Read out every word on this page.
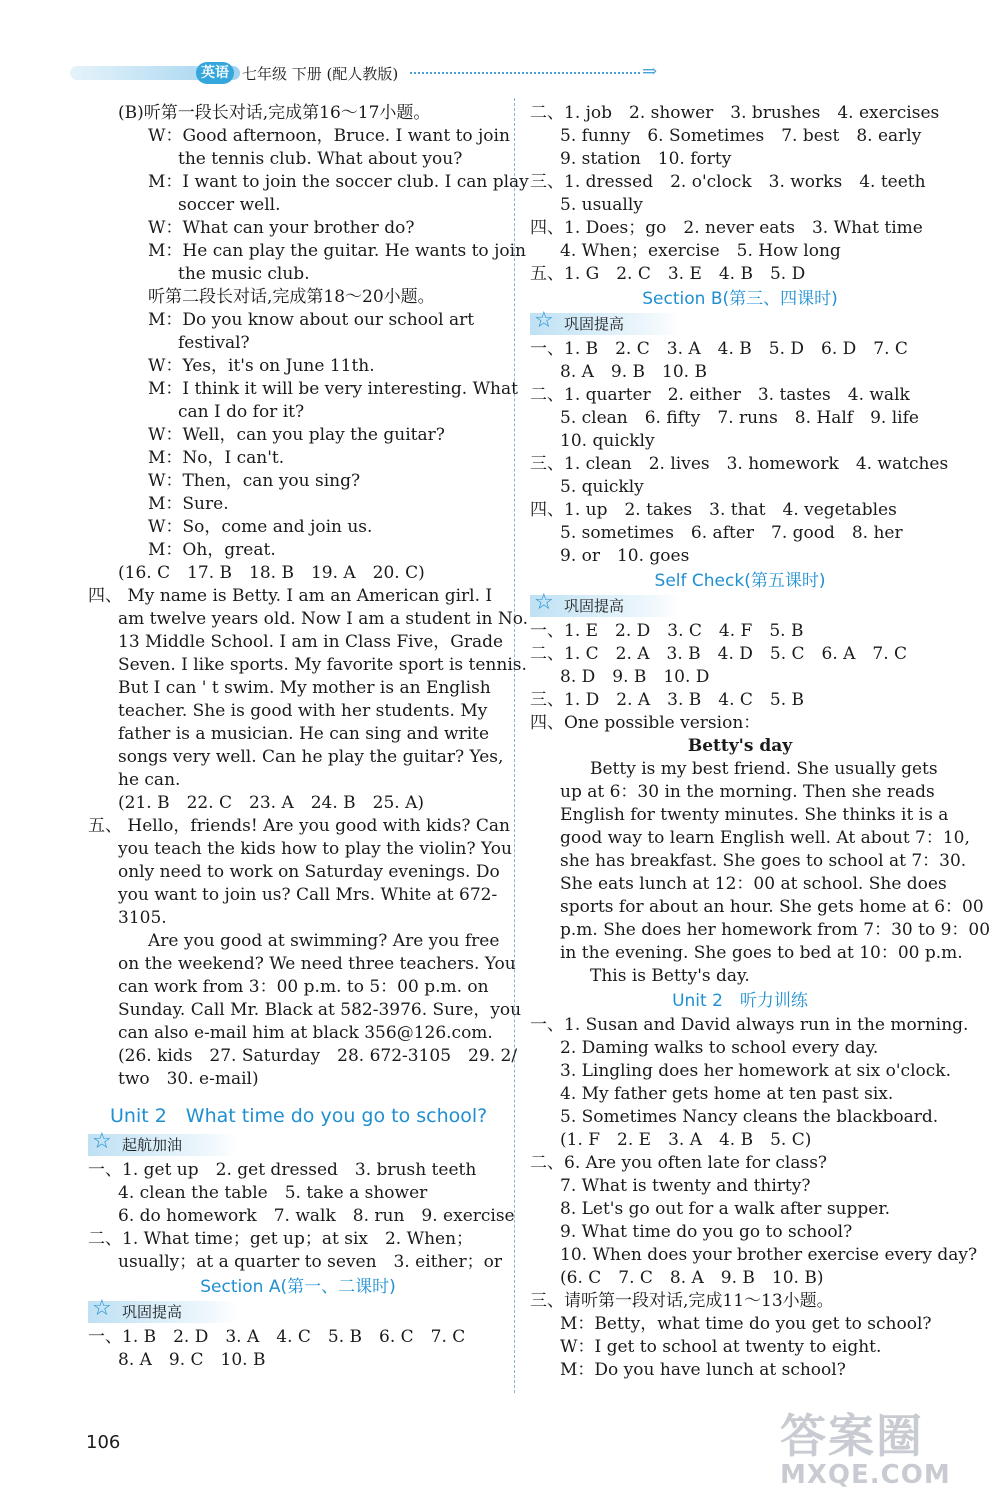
英语 七年级 下册 (配人教版)	⇒
(B)听第一段长对话,完成第16～17小题。
W：Good afternoon，Bruce. I want to join
the tennis club. What about you?
M：I want to join the soccer club. I can play
soccer well.
W：What can your brother do?
M：He can play the guitar. He wants to join
the music club.
听第二段长对话,完成第18～20小题。
M：Do you know about our school art
festival?
W：Yes，it's on June 11th.
M：I think it will be very interesting. What
can I do for it?
W：Well，can you play the guitar?
M：No，I can't.
W：Then，can you sing?
M：Sure.
W：So，come and join us.
M：Oh，great.
(16. C　17. B　18. B　19. A　20. C)
四、 My name is Betty. I am an American girl. I
am twelve years old. Now I am a student in No.
13 Middle School. I am in Class Five，Grade
Seven. I like sports. My favorite sport is tennis.
But I can ' t swim. My mother is an English
teacher. She is good with her students. My
father is a musician. He can sing and write
songs very well. Can he play the guitar? Yes,
he can.
(21. B　22. C　23. A　24. B　25. A)
五、 Hello，friends! Are you good with kids? Can
you teach the kids how to play the violin? You
only need to work on Saturday evenings. Do
you want to join us? Call Mrs. White at 672-
3105.
Are you good at swimming? Are you free
on the weekend? We need three teachers. You
can work from 3：00 p.m. to 5：00 p.m. on
Sunday. Call Mr. Black at 582-3976. Sure，you
can also e-mail him at black 356@126.com.
(26. kids　27. Saturday　28. 672-3105　29. 2/
two　30. e-mail)
Unit 2　What time do you go to school?
☆ 起航加油
一、1. get up　2. get dressed　3. brush teeth
4. clean the table　5. take a shower
6. do homework　7. walk　8. run　9. exercise
二、1. What time；get up；at six　2. When；
usually；at a quarter to seven　3. either；or
Section A(第一、二课时)
☆ 巩固提高
一、1. B　2. D　3. A　4. C　5. B　6. C　7. C
8. A　9. C　10. B
二、1. job　2. shower　3. brushes　4. exercises
5. funny　6. Sometimes　7. best　8. early
9. station　10. forty
三、1. dressed　2. o'clock　3. works　4. teeth
5. usually
四、1. Does；go　2. never eats　3. What time
4. When；exercise　5. How long
五、1. G　2. C　3. E　4. B　5. D
Section B(第三、四课时)
☆ 巩固提高
一、1. B　2. C　3. A　4. B　5. D　6. D　7. C
8. A　9. B　10. B
二、1. quarter　2. either　3. tastes　4. walk
5. clean　6. fifty　7. runs　8. Half　9. life
10. quickly
三、1. clean　2. lives　3. homework　4. watches
5. quickly
四、1. up　2. takes　3. that　4. vegetables
5. sometimes　6. after　7. good　8. her
9. or　10. goes
Self Check(第五课时)
☆ 巩固提高
一、1. E　2. D　3. C　4. F　5. B
二、1. C　2. A　3. B　4. D　5. C　6. A　7. C
8. D　9. B　10. D
三、1. D　2. A　3. B　4. C　5. B
四、One possible version：
Betty's day
Betty is my best friend. She usually gets
up at 6：30 in the morning. Then she reads
English for twenty minutes. She thinks it is a
good way to learn English well. At about 7：10,
she has breakfast. She goes to school at 7：30.
She eats lunch at 12：00 at school. She does
sports for about an hour. She gets home at 6：00
p.m. She does her homework from 7：30 to 9：00
in the evening. She goes to bed at 10：00 p.m.
This is Betty's day.
Unit 2　听力训练
一、1. Susan and David always run in the morning.
2. Daming walks to school every day.
3. Lingling does her homework at six o'clock.
4. My father gets home at ten past six.
5. Sometimes Nancy cleans the blackboard.
(1. F　2. E　3. A　4. B　5. C)
二、6. Are you often late for class?
7. What is twenty and thirty?
8. Let's go out for a walk after supper.
9. What time do you go to school?
10. When does your brother exercise every day?
(6. C　7. C　8. A　9. B　10. B)
三、请听第一段对话,完成11～13小题。
M：Betty，what time do you get to school?
W：I get to school at twenty to eight.
M：Do you have lunch at school?
106	答案圈
MXQE.COM
